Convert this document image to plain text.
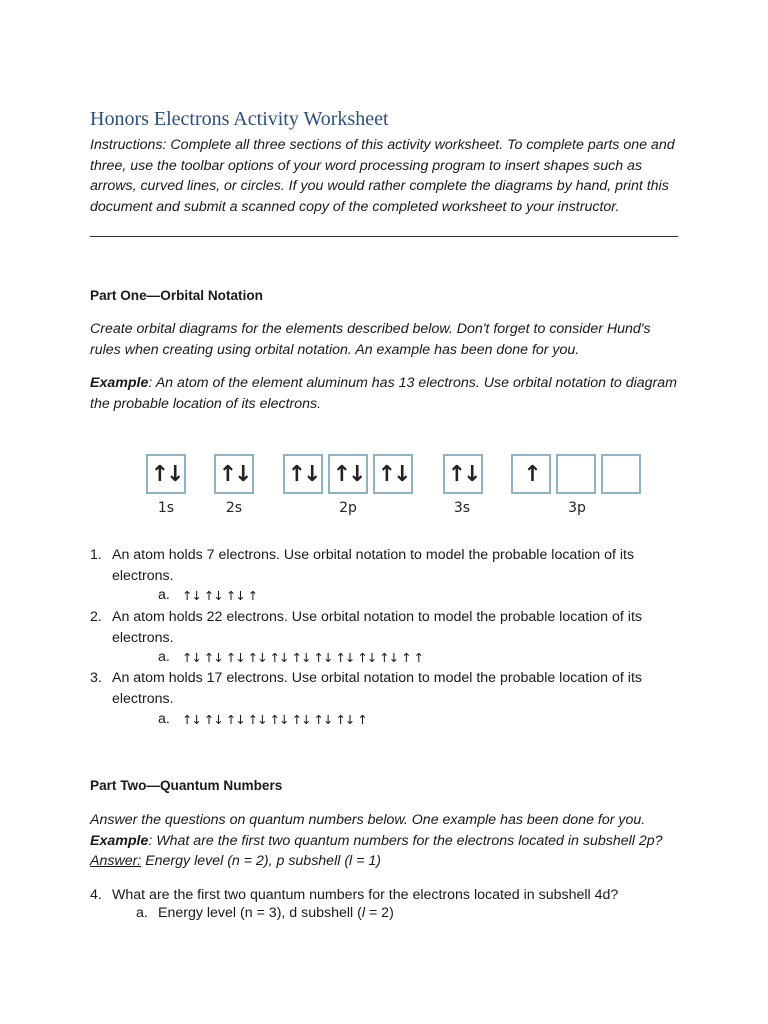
Honors Electrons Activity Worksheet
Instructions: Complete all three sections of this activity worksheet. To complete parts one and three, use the toolbar options of your word processing program to insert shapes such as arrows, curved lines, or circles. If you would rather complete the diagrams by hand, print this document and submit a scanned copy of the completed worksheet to your instructor.
Part One—Orbital Notation
Create orbital diagrams for the elements described below. Don't forget to consider Hund's rules when creating using orbital notation. An example has been done for you.
Example: An atom of the element aluminum has 13 electrons. Use orbital notation to diagram the probable location of its electrons.
↑↓ ↑↓ ↑↓ ↑↓ ↑↓ ↑↓	↑
1s	2s	2p	3s	3p
1. An atom holds 7 electrons. Use orbital notation to model the probable location of its electrons.
a. ↑↓ ↑↓ ↑↓ ↑
2. An atom holds 22 electrons. Use orbital notation to model the probable location of its electrons.
a. ↑↓ ↑↓ ↑↓ ↑↓ ↑↓ ↑↓ ↑↓ ↑↓ ↑↓ ↑↓ ↑ ↑
3. An atom holds 17 electrons. Use orbital notation to model the probable location of its electrons.
a. ↑↓ ↑↓ ↑↓ ↑↓ ↑↓ ↑↓ ↑↓ ↑↓ ↑
Part Two—Quantum Numbers
Answer the questions on quantum numbers below. One example has been done for you. Example: What are the first two quantum numbers for the electrons located in subshell 2p? Answer: Energy level (n = 2), p subshell (l = 1)
4. What are the first two quantum numbers for the electrons located in subshell 4d?
a. Energy level (n = 3), d subshell (l = 2)
